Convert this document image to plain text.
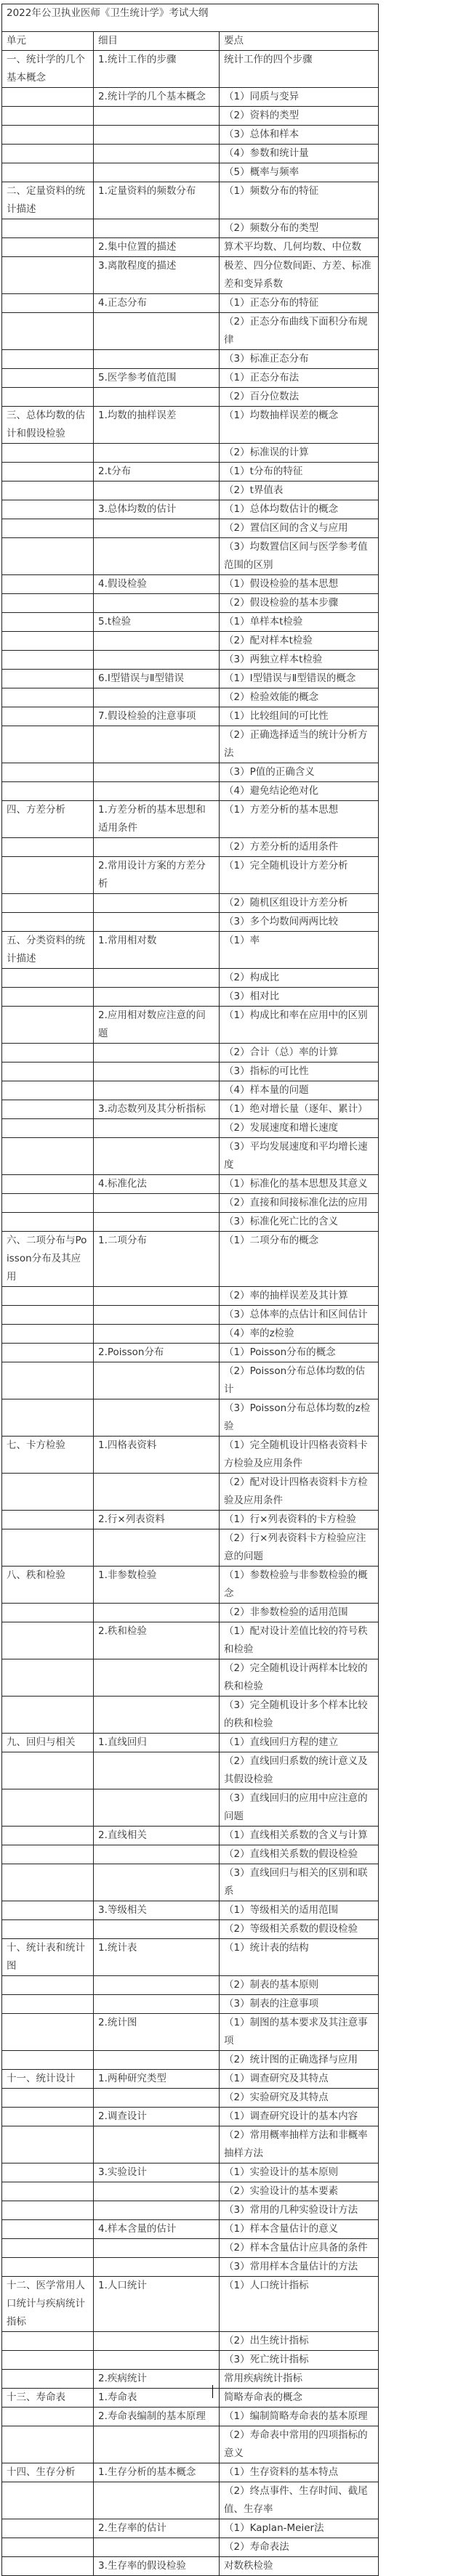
2022年公卫执业医师《卫生统计学》考试大纲		
单元	细目	要点
一、统计学的几个基本概念	1.统计工作的步骤	统计工作的四个步骤
	2.统计学的几个基本概念	（1）同质与变异
		（2）资料的类型
		（3）总体和样本
		（4）参数和统计量
		（5）概率与频率
二、定量资料的统计描述	1.定量资料的频数分布	（1）频数分布的特征
		（2）频数分布的类型
	2.集中位置的描述	算术平均数、几何均数、中位数
	3.离散程度的描述	极差、四分位数间距、方差、标准差和变异系数
	4.正态分布	（1）正态分布的特征
		（2）正态分布曲线下面积分布规律
		（3）标准正态分布
	5.医学参考值范围	（1）正态分布法
		（2）百分位数法
三、总体均数的估计和假设检验	1.均数的抽样误差	（1）均数抽样误差的概念
		（2）标准误的计算
	2.t分布	（1）t分布的特征
		（2）t界值表
	3.总体均数的估计	（1）总体均数估计的概念
		（2）置信区间的含义与应用
		（3）均数置信区间与医学参考值范围的区别
	4.假设检验	（1）假设检验的基本思想
		（2）假设检验的基本步骤
	5.t检验	（1）单样本t检验
		（2）配对样本t检验
		（3）两独立样本t检验
	6.Ⅰ型错误与Ⅱ型错误	（1）Ⅰ型错误与Ⅱ型错误的概念
		（2）检验效能的概念
	7.假设检验的注意事项	（1）比较组间的可比性
		（2）正确选择适当的统计分析方法
		（3）P值的正确含义
		（4）避免结论绝对化
四、方差分析	1.方差分析的基本思想和适用条件	（1）方差分析的基本思想
		（2）方差分析的适用条件
	2.常用设计方案的方差分析	（1）完全随机设计方差分析
		（2）随机区组设计方差分析
		（3）多个均数间两两比较
五、分类资料的统计描述	1.常用相对数	（1）率
		（2）构成比
		（3）相对比
	2.应用相对数应注意的问题	（1）构成比和率在应用中的区别
		（2）合计（总）率的计算
		（3）指标的可比性
		（4）样本量的问题
	3.动态数列及其分析指标	（1）绝对增长量（逐年、累计）
		（2）发展速度和增长速度
		（3）平均发展速度和平均增长速度
	4.标准化法	（1）标准化的基本思想及其意义
		（2）直接和间接标准化法的应用
		（3）标准化死亡比的含义
六、二项分布与Poisson分布及其应用	1.二项分布	（1）二项分布的概念
		（2）率的抽样误差及其计算
		（3）总体率的点估计和区间估计
		（4）率的z检验
	2.Poisson分布	（1）Poisson分布的概念
		（2）Poisson分布总体均数的估计
		（3）Poisson分布总体均数的z检验
七、卡方检验	1.四格表资料	（1）完全随机设计四格表资料卡方检验及应用条件
		（2）配对设计四格表资料卡方检验及应用条件
	2.行×列表资料	（1）行×列表资料的卡方检验
		（2）行×列表资料卡方检验应注意的问题
八、秩和检验	1.非参数检验	（1）参数检验与非参数检验的概念
		（2）非参数检验的适用范围
	2.秩和检验	（1）配对设计差值比较的符号秩和检验
		（2）完全随机设计两样本比较的秩和检验
		（3）完全随机设计多个样本比较的秩和检验
九、回归与相关	1.直线回归	（1）直线回归方程的建立
		（2）直线回归系数的统计意义及其假设检验
		（3）直线回归的应用中应注意的问题
	2.直线相关	（1）直线相关系数的含义与计算
		（2）直线相关系数的假设检验
		（3）直线回归与相关的区别和联系
	3.等级相关	（1）等级相关的适用范围
		（2）等级相关系数的假设检验
十、统计表和统计图	1.统计表	（1）统计表的结构
		（2）制表的基本原则
		（3）制表的注意事项
	2.统计图	（1）制图的基本要求及其注意事项
		（2）统计图的正确选择与应用
十一、统计设计	1.两种研究类型	（1）调查研究及其特点
		（2）实验研究及其特点
	2.调查设计	（1）调查研究设计的基本内容
		（2）常用概率抽样方法和非概率抽样方法
	3.实验设计	（1）实验设计的基本原则
		（2）实验设计的基本要素
		（3）常用的几种实验设计方法
	4.样本含量的估计	（1）样本含量估计的意义
		（2）样本含量估计应具备的条件
		（3）常用样本含量估计的方法
十二、医学常用人口统计与疾病统计指标	1.人口统计	（1）人口统计指标
		（2）出生统计指标
		（3）死亡统计指标
	2.疾病统计	常用疾病统计指标
十三、寿命表	1.寿命表	简略寿命表的概念
	2.寿命表编制的基本原理	（1）编制简略寿命表的基本原理
		（2）寿命表中常用的四项指标的意义
十四、生存分析	1.生存分析的基本概念	（1）生存资料的基本特点
		（2）终点事件、生存时间、截尾值、生存率
	2.生存率的估计	（1）Kaplan-Meier法
		（2）寿命表法
	3.生存率的假设检验	对数秩检验
